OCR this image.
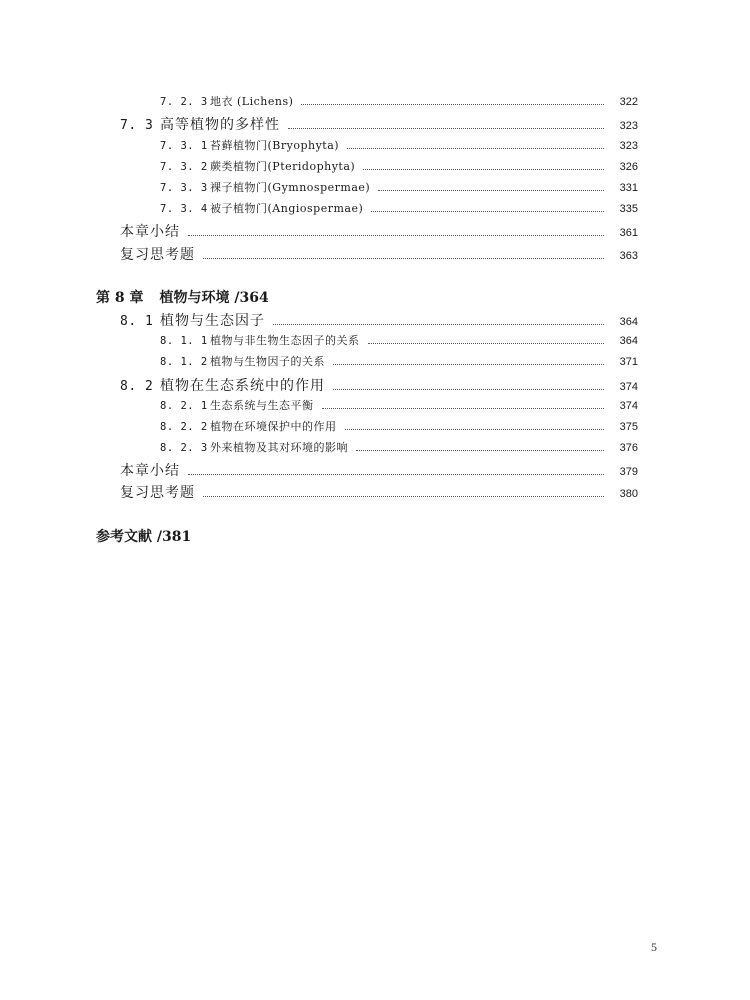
7. 2. 3 地衣 (Lichens)	322
7. 3 高等植物的多样性	323
7. 3. 1 苔藓植物门(Bryophyta)	323
7. 3. 2 蕨类植物门(Pteridophyta)	326
7. 3. 3 裸子植物门(Gymnospermae)	331
7. 3. 4 被子植物门(Angiospermae)	335
本章小结	361
复习思考题	363
第 8 章 植物与环境 /364
8. 1 植物与生态因子	364
8. 1. 1 植物与非生物生态因子的关系	364
8. 1. 2 植物与生物因子的关系	371
8. 2 植物在生态系统中的作用	374
8. 2. 1 生态系统与生态平衡	374
8. 2. 2 植物在环境保护中的作用	375
8. 2. 3 外来植物及其对环境的影响	376
本章小结	379
复习思考题	380
参考文献 /381
5
